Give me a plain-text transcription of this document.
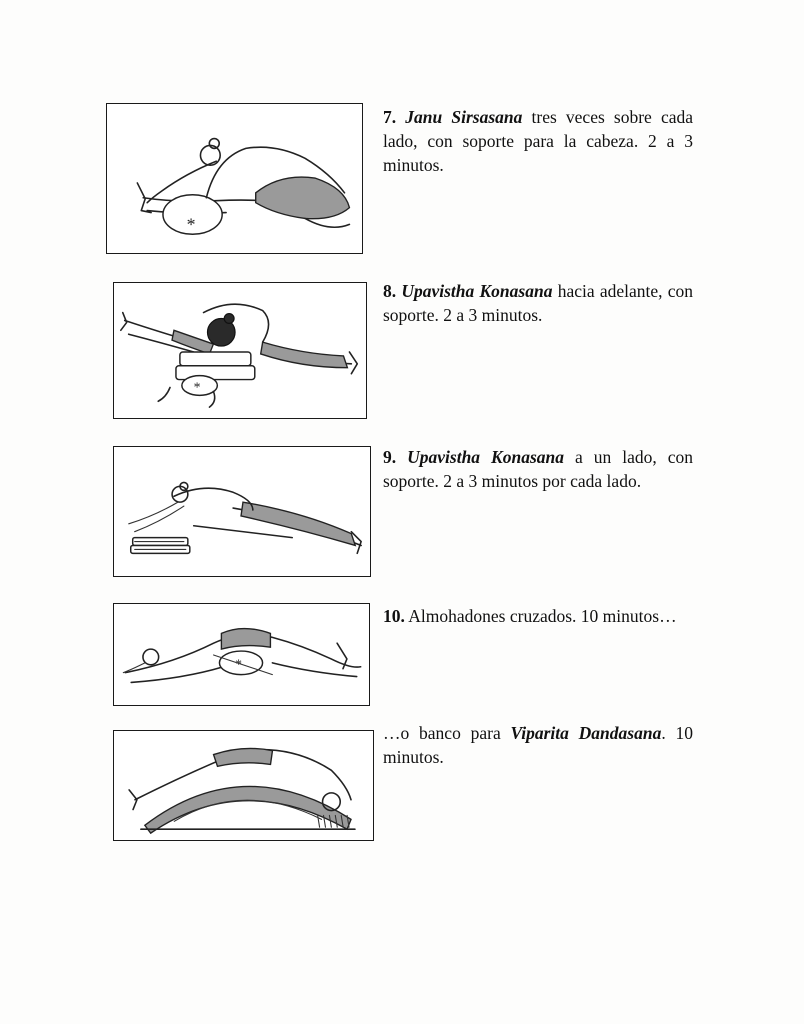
*
7. Janu Sirsasana tres veces sobre cada lado, con soporte para la cabeza. 2 a 3 minutos.
*
8. Upavistha Konasana hacia adelante, con soporte. 2 a 3 minutos.
9. Upavistha Konasana a un lado, con soporte. 2 a 3 minutos por cada lado.
*
10. Almohadones cruzados. 10 minutos…
…o banco para Viparita Dandasana. 10 minutos.
